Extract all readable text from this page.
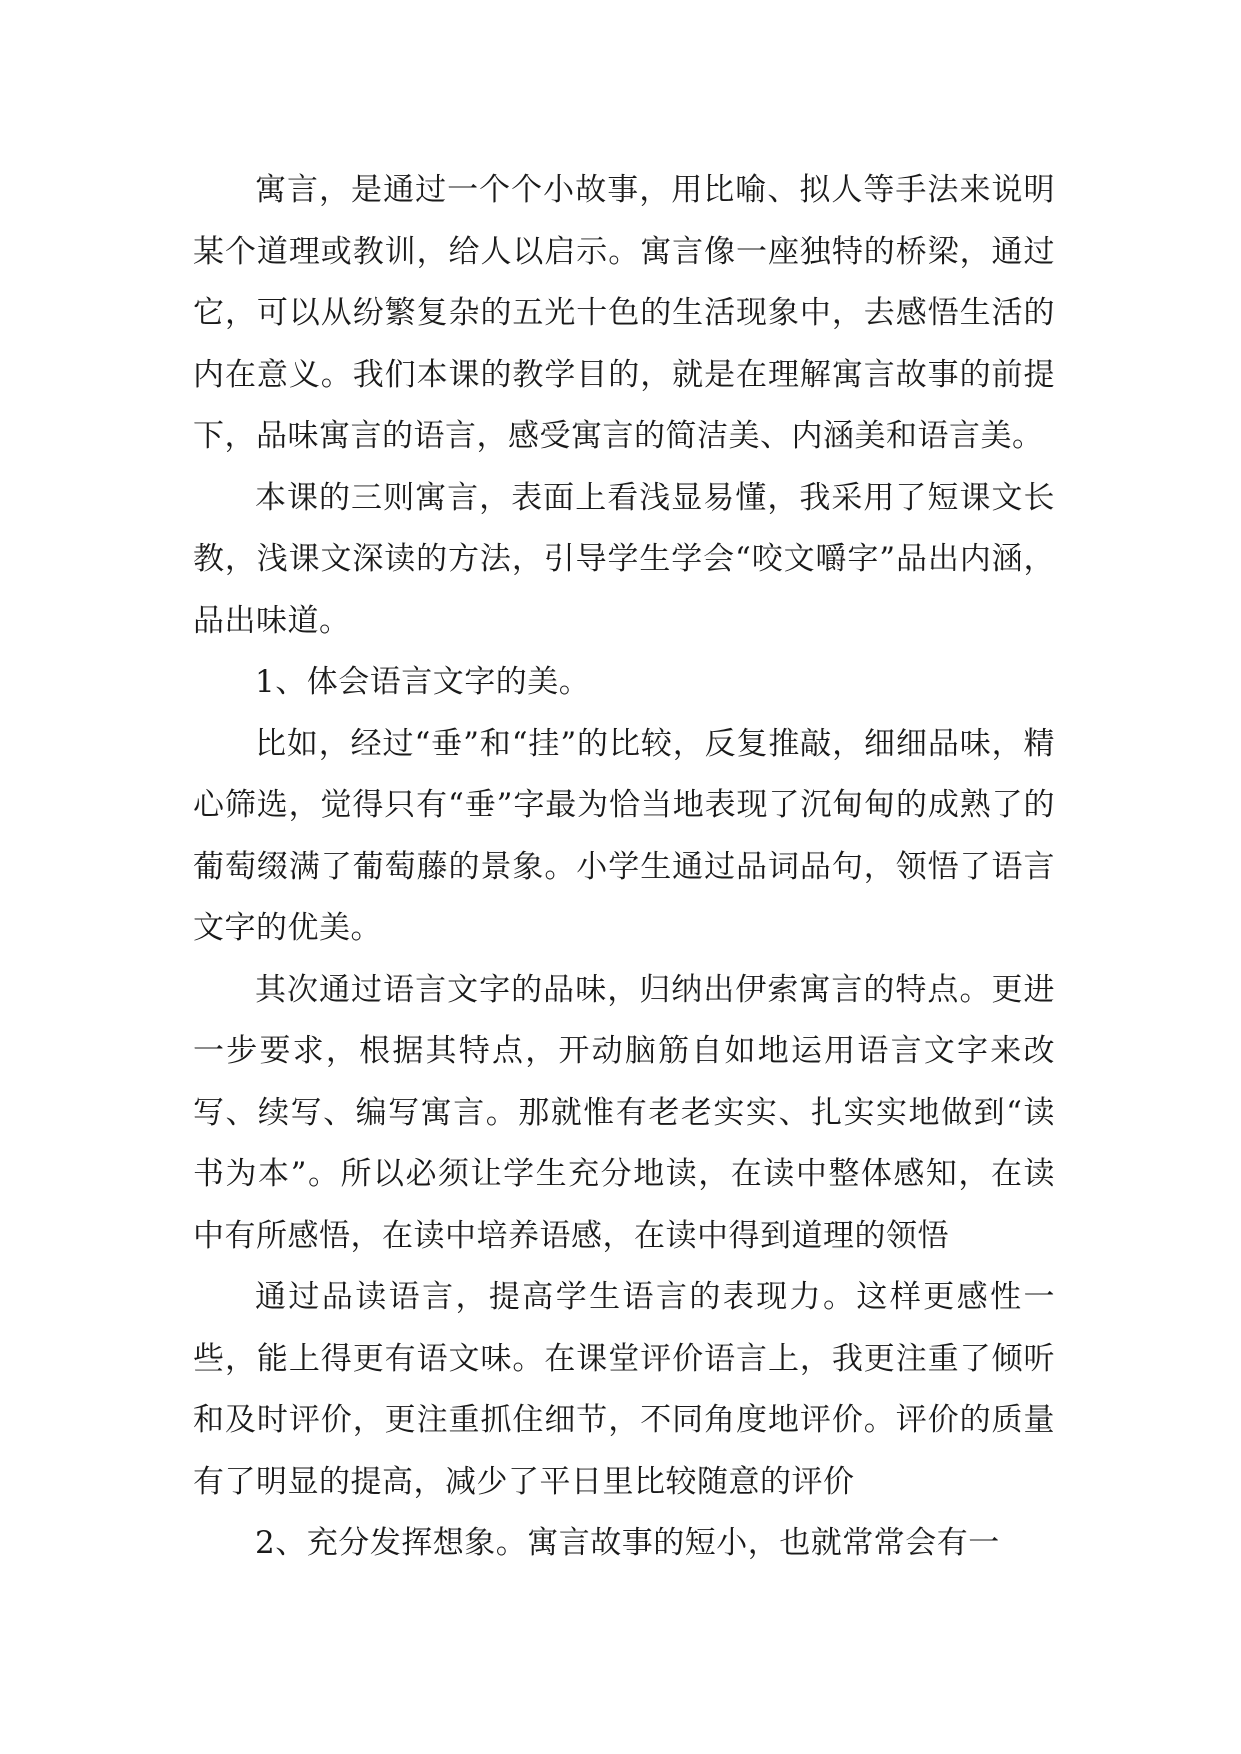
寓言，是通过一个个小故事，用比喻、拟人等手法来说明某个道理或教训，给人以启示。寓言像一座独特的桥梁，通过它，可以从纷繁复杂的五光十色的生活现象中，去感悟生活的内在意义。我们本课的教学目的，就是在理解寓言故事的前提下，品味寓言的语言，感受寓言的简洁美、内涵美和语言美。

本课的三则寓言，表面上看浅显易懂，我采用了短课文长教，浅课文深读的方法，引导学生学会“咬文嚼字”品出内涵，品出味道。

1、体会语言文字的美。

比如，经过“垂”和“挂”的比较，反复推敲，细细品味，精心筛选，觉得只有“垂”字最为恰当地表现了沉甸甸的成熟了的葡萄缀满了葡萄藤的景象。小学生通过品词品句，领悟了语言文字的优美。

其次通过语言文字的品味，归纳出伊索寓言的特点。更进一步要求，根据其特点，开动脑筋自如地运用语言文字来改写、续写、编写寓言。那就惟有老老实实、扎实实地做到“读书为本”。所以必须让学生充分地读，在读中整体感知，在读中有所感悟，在读中培养语感，在读中得到道理的领悟

通过品读语言，提高学生语言的表现力。这样更感性一些，能上得更有语文味。在课堂评价语言上，我更注重了倾听和及时评价，更注重抓住细节，不同角度地评价。评价的质量有了明显的提高，减少了平日里比较随意的评价

2、充分发挥想象。寓言故事的短小，也就常常会有一
